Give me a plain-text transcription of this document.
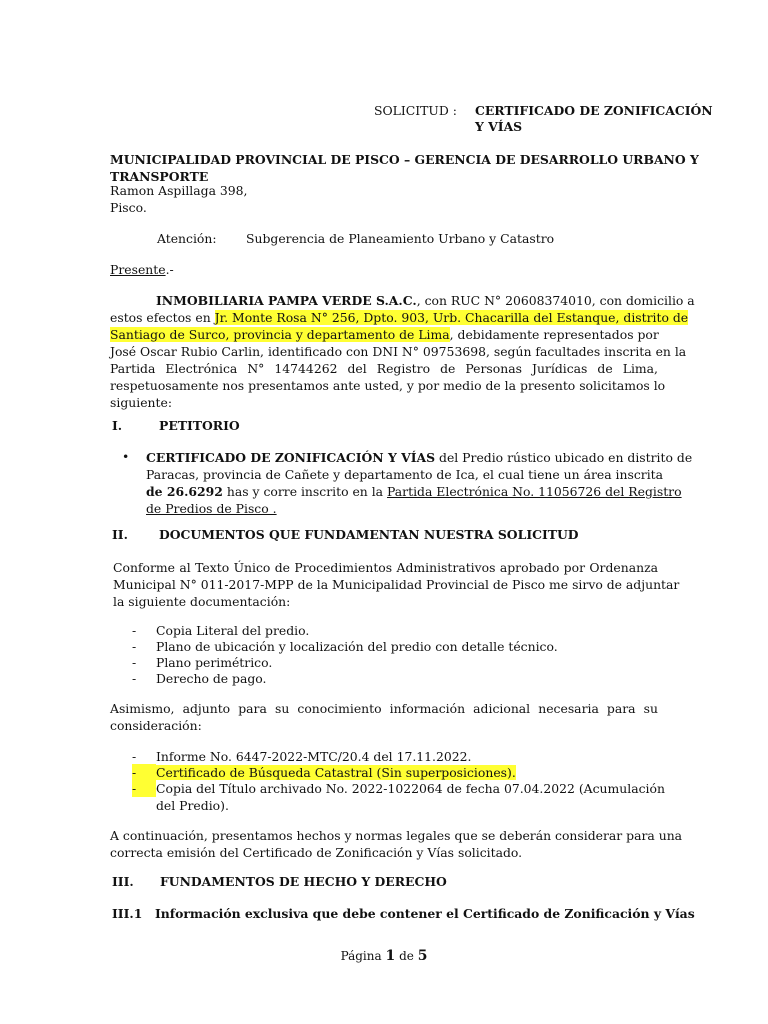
SOLICITUD : CERTIFICADO DE ZONIFICACIÓN
Y VÍAS
MUNICIPALIDAD PROVINCIAL DE PISCO – GERENCIA DE DESARROLLO URBANO Y
TRANSPORTE
Ramon Aspillaga 398,
Pisco.
Atención: Subgerencia de Planeamiento Urbano y Catastro
Presente.-
INMOBILIARIA PAMPA VERDE S.A.C., con RUC N° 20608374010, con domicilio a
estos efectos en Jr. Monte Rosa N° 256, Dpto. 903, Urb. Chacarilla del Estanque, distrito de
Santiago de Surco, provincia y departamento de Lima, debidamente representados por
José Oscar Rubio Carlin, identificado con DNI N° 09753698, según facultades inscrita en la
Partida Electrónica N° 14744262 del Registro de Personas Jurídicas de Lima,
respetuosamente nos presentamos ante usted, y por medio de la presento solicitamos lo
siguiente:
I.	PETITORIO
•	CERTIFICADO DE ZONIFICACIÓN Y VÍAS del Predio rústico ubicado en distrito de
Paracas, provincia de Cañete y departamento de Ica, el cual tiene un área inscrita
de 26.6292 has y corre inscrito en la Partida Electrónica No. 11056726 del Registro
de Predios de Pisco .
II.	DOCUMENTOS QUE FUNDAMENTAN NUESTRA SOLICITUD
Conforme al Texto Único de Procedimientos Administrativos aprobado por Ordenanza
Municipal N° 011-2017-MPP de la Municipalidad Provincial de Pisco me sirvo de adjuntar
la siguiente documentación:
- Copia Literal del predio.
- Plano de ubicación y localización del predio con detalle técnico.
- Plano perimétrico.
- Derecho de pago.
Asimismo, adjunto para su conocimiento información adicional necesaria para su
consideración:
- Informe No. 6447-2022-MTC/20.4 del 17.11.2022.
- Certificado de Búsqueda Catastral (Sin superposiciones).
-	Copia del Título archivado No. 2022-1022064 de fecha 07.04.2022 (Acumulación
del Predio).
A continuación, presentamos hechos y normas legales que se deberán considerar para una
correcta emisión del Certificado de Zonificación y Vías solicitado.
III. FUNDAMENTOS DE HECHO Y DERECHO
III.1 Información exclusiva que debe contener el Certificado de Zonificación y Vías
Página 1 de 5
